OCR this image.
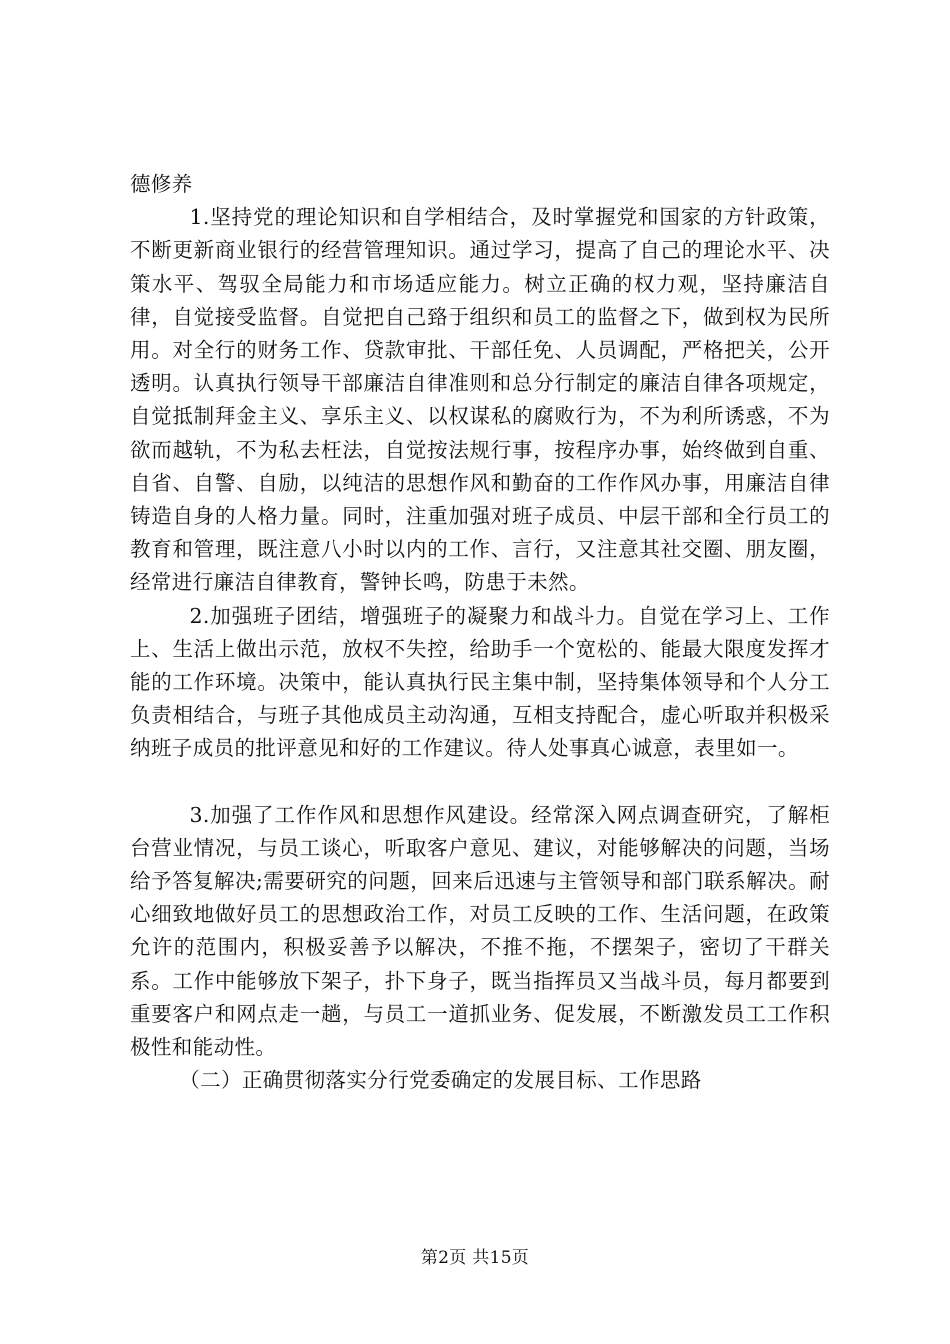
德修养

1.坚持党的理论知识和自学相结合，及时掌握党和国家的方针政策，不断更新商业银行的经营管理知识。通过学习，提高了自己的理论水平、决策水平、驾驭全局能力和市场适应能力。树立正确的权力观，坚持廉洁自律，自觉接受监督。自觉把自己臵于组织和员工的监督之下，做到权为民所用。对全行的财务工作、贷款审批、干部任免、人员调配，严格把关，公开透明。认真执行领导干部廉洁自律准则和总分行制定的廉洁自律各项规定，自觉抵制拜金主义、享乐主义、以权谋私的腐败行为，不为利所诱惑，不为欲而越轨，不为私去枉法，自觉按法规行事，按程序办事，始终做到自重、自省、自警、自励，以纯洁的思想作风和勤奋的工作作风办事，用廉洁自律铸造自身的人格力量。同时，注重加强对班子成员、中层干部和全行员工的教育和管理，既注意八小时以内的工作、言行，又注意其社交圈、朋友圈，经常进行廉洁自律教育，警钟长鸣，防患于未然。

2.加强班子团结，增强班子的凝聚力和战斗力。自觉在学习上、工作上、生活上做出示范，放权不失控，给助手一个宽松的、能最大限度发挥才能的工作环境。决策中，能认真执行民主集中制，坚持集体领导和个人分工负责相结合，与班子其他成员主动沟通，互相支持配合，虚心听取并积极采纳班子成员的批评意见和好的工作建议。待人处事真心诚意，表里如一。

3.加强了工作作风和思想作风建设。经常深入网点调查研究，了解柜台营业情况，与员工谈心，听取客户意见、建议，对能够解决的问题，当场给予答复解决;需要研究的问题，回来后迅速与主管领导和部门联系解决。耐心细致地做好员工的思想政治工作，对员工反映的工作、生活问题，在政策允许的范围内，积极妥善予以解决，不推不拖，不摆架子，密切了干群关系。工作中能够放下架子，扑下身子，既当指挥员又当战斗员，每月都要到重要客户和网点走一趟，与员工一道抓业务、促发展，不断激发员工工作积极性和能动性。

（二）正确贯彻落实分行党委确定的发展目标、工作思路

第2页 共15页
